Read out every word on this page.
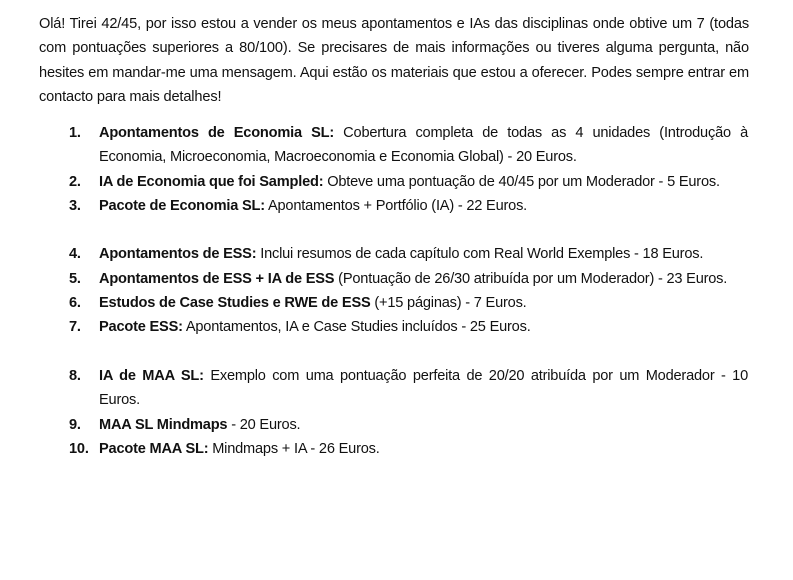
Olá! Tirei 42/45, por isso estou a vender os meus apontamentos e IAs das disciplinas onde obtive um 7 (todas com pontuações superiores a 80/100). Se precisares de mais informações ou tiveres alguma pergunta, não hesites em mandar-me uma mensagem. Aqui estão os materiais que estou a oferecer. Podes sempre entrar em contacto para mais detalhes!

1. Apontamentos de Economia SL: Cobertura completa de todas as 4 unidades (Introdução à Economia, Microeconomia, Macroeconomia e Economia Global) - 20 Euros.
2. IA de Economia que foi Sampled: Obteve uma pontuação de 40/45 por um Moderador - 5 Euros.
3. Pacote de Economia SL: Apontamentos + Portfólio (IA) - 22 Euros.
4. Apontamentos de ESS: Inclui resumos de cada capítulo com Real World Exemples - 18 Euros.
5. Apontamentos de ESS + IA de ESS (Pontuação de 26/30 atribuída por um Moderador) - 23 Euros.
6. Estudos de Case Studies e RWE de ESS (+15 páginas) - 7 Euros.
7. Pacote ESS: Apontamentos, IA e Case Studies incluídos - 25 Euros.
8. IA de MAA SL: Exemplo com uma pontuação perfeita de 20/20 atribuída por um Moderador - 10 Euros.
9. MAA SL Mindmaps - 20 Euros.
10. Pacote MAA SL: Mindmaps + IA - 26 Euros.
